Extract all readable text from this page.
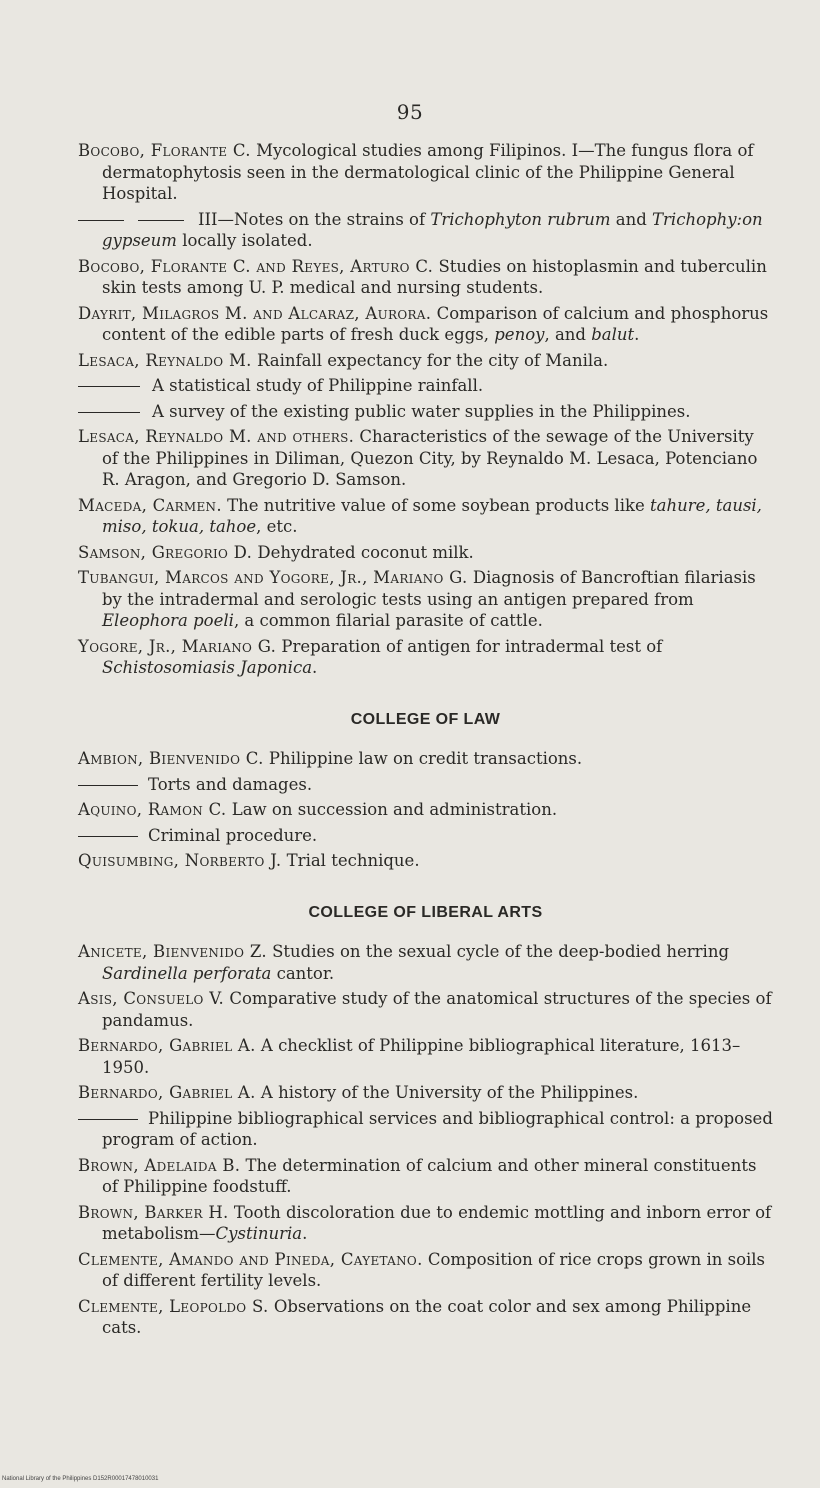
95

Bocobo, Florante C. Mycological studies among Filipinos. I—The fungus flora of dermatophytosis seen in the dermatological clinic of the Philippine General Hospital.

III—Notes on the strains of Trichophyton rubrum and Trichophy:on gypseum locally isolated.

Bocobo, Florante C. and Reyes, Arturo C. Studies on histoplasmin and tuberculin skin tests among U. P. medical and nursing students.

Dayrit, Milagros M. and Alcaraz, Aurora. Comparison of calcium and phosphorus content of the edible parts of fresh duck eggs, penoy, and balut.

Lesaca, Reynaldo M. Rainfall expectancy for the city of Manila.

A statistical study of Philippine rainfall.

A survey of the existing public water supplies in the Philippines.

Lesaca, Reynaldo M. and others. Characteristics of the sewage of the University of the Philippines in Diliman, Quezon City, by Reynaldo M. Lesaca, Potenciano R. Aragon, and Gregorio D. Samson.

Maceda, Carmen. The nutritive value of some soybean products like tahure, tausi, miso, tokua, tahoe, etc.

Samson, Gregorio D. Dehydrated coconut milk.

Tubangui, Marcos and Yogore, Jr., Mariano G. Diagnosis of Bancroftian filariasis by the intradermal and serologic tests using an antigen prepared from Eleophora poeli, a common filarial parasite of cattle.

Yogore, Jr., Mariano G. Preparation of antigen for intradermal test of Schistosomiasis Japonica.

COLLEGE OF LAW

Ambion, Bienvenido C. Philippine law on credit transactions.

Torts and damages.

Aquino, Ramon C. Law on succession and administration.

Criminal procedure.

Quisumbing, Norberto J. Trial technique.

COLLEGE OF LIBERAL ARTS

Anicete, Bienvenido Z. Studies on the sexual cycle of the deep-bodied herring Sardinella perforata cantor.

Asis, Consuelo V. Comparative study of the anatomical structures of the species of pandamus.

Bernardo, Gabriel A. A checklist of Philippine bibliographical literature, 1613–1950.

Bernardo, Gabriel A. A history of the University of the Philippines.

Philippine bibliographical services and bibliographical control: a proposed program of action.

Brown, Adelaida B. The determination of calcium and other mineral constituents of Philippine foodstuff.

Brown, Barker H. Tooth discoloration due to endemic mottling and inborn error of metabolism—Cystinuria.

Clemente, Amando and Pineda, Cayetano. Composition of rice crops grown in soils of different fertility levels.

Clemente, Leopoldo S. Observations on the coat color and sex among Philippine cats.

National Library of the Philippines D152R00017478010031
